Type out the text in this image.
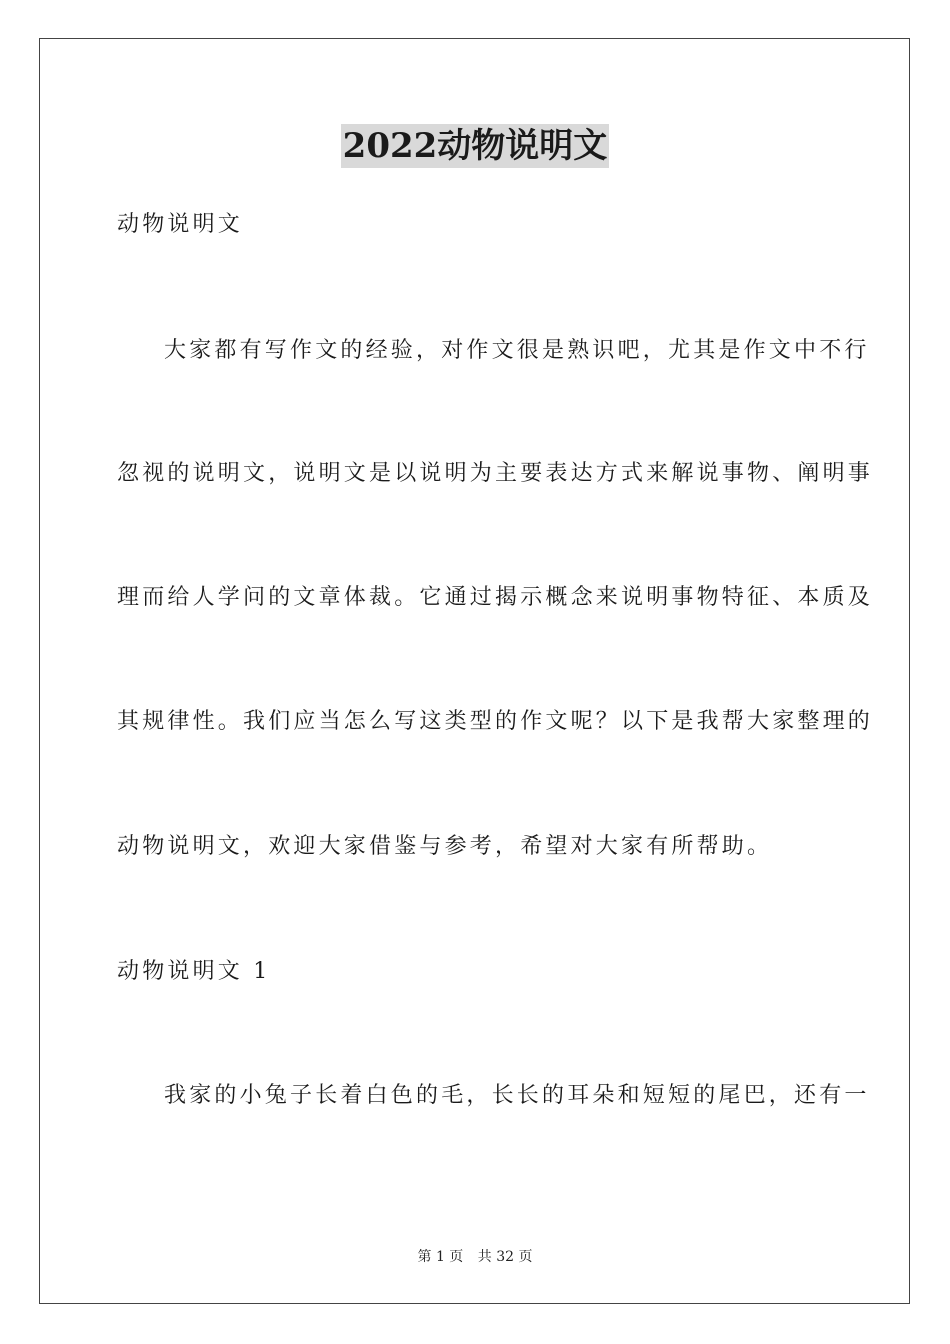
2022动物说明文
动物说明文
大家都有写作文的经验，对作文很是熟识吧，尤其是作文中不行
忽视的说明文，说明文是以说明为主要表达方式来解说事物、阐明事
理而给人学问的文章体裁。它通过揭示概念来说明事物特征、本质及
其规律性。我们应当怎么写这类型的作文呢？以下是我帮大家整理的
动物说明文，欢迎大家借鉴与参考，希望对大家有所帮助。
动物说明文 1
我家的小兔子长着白色的毛，长长的耳朵和短短的尾巴，还有一
第 1 页 共 32 页
